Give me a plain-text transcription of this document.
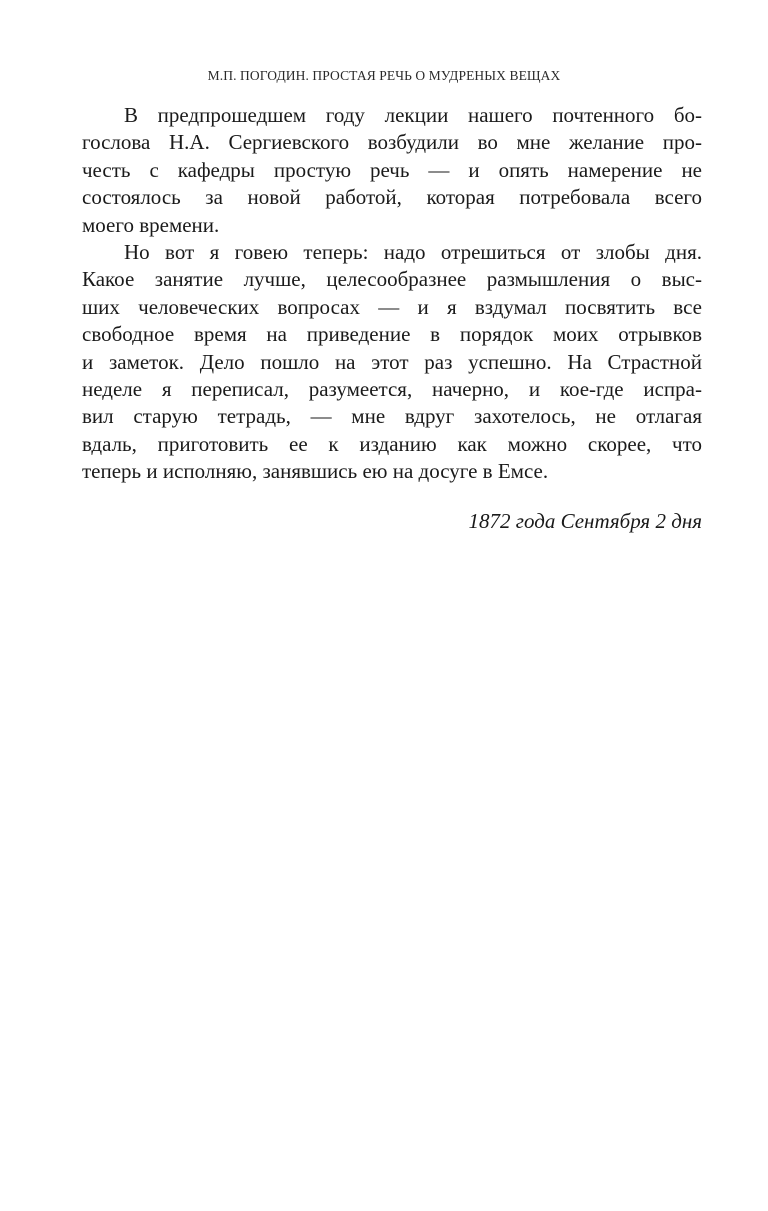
М.П. ПОГОДИН. ПРОСТАЯ РЕЧЬ О МУДРЕНЫХ ВЕЩАХ
В предпрошедшем году лекции нашего почтенного бо-
гослова Н.А. Сергиевского возбудили во мне желание про-
честь с кафедры простую речь — и опять намерение не
состоялось за новой работой, которая потребовала всего
моего времени.
Но вот я говею теперь: надо отрешиться от злобы дня.
Какое занятие лучше, целесообразнее размышления о выс-
ших человеческих вопросах — и я вздумал посвятить все
свободное время на приведение в порядок моих отрывков
и заметок. Дело пошло на этот раз успешно. На Страстной
неделе я переписал, разумеется, начерно, и кое-где испра-
вил старую тетрадь, — мне вдруг захотелось, не отлагая
вдаль, приготовить ее к изданию как можно скорее, что
теперь и исполняю, занявшись ею на досуге в Емсе.
1872 года Сентября 2 дня
